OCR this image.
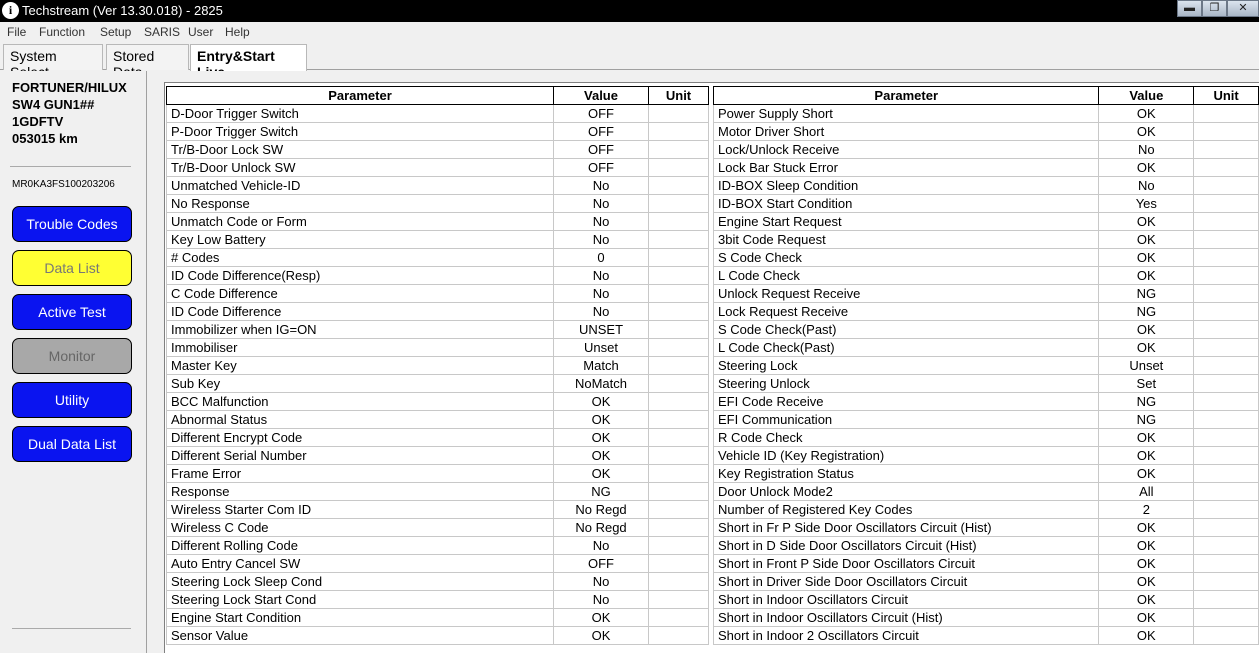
i Techstream (Ver 13.30.018) - 2825	▬	❐	✕
File Function Setup SARIS User Help
System	Stored	Entry&Start
FORTUNER/HILUX
SW4 GUN1##
1GDFTV
053015 km
MR0KA3FS100203206
Trouble Codes
Data List
Active Test
Monitor
Utility
Dual Data List
Parameter	Value	Unit
D-Door Trigger Switch	OFF	
P-Door Trigger Switch	OFF	
Tr/B-Door Lock SW	OFF	
Tr/B-Door Unlock SW	OFF	
Unmatched Vehicle-ID	No	
No Response	No	
Unmatch Code or Form	No	
Key Low Battery	No	
# Codes	0	
ID Code Difference(Resp)	No	
C Code Difference	No	
ID Code Difference	No	
Immobilizer when IG=ON	UNSET	
Immobiliser	Unset	
Master Key	Match	
Sub Key	NoMatch	
BCC Malfunction	OK	
Abnormal Status	OK	
Different Encrypt Code	OK	
Different Serial Number	OK	
Frame Error	OK	
Response	NG	
Wireless Starter Com ID	No Regd	
Wireless C Code	No Regd	
Different Rolling Code	No	
Auto Entry Cancel SW	OFF	
Steering Lock Sleep Cond	No	
Steering Lock Start Cond	No	
Engine Start Condition	OK	
Sensor Value	OK	
Parameter	Value	Unit
Power Supply Short	OK	
Motor Driver Short	OK	
Lock/Unlock Receive	No	
Lock Bar Stuck Error	OK	
ID-BOX Sleep Condition	No	
ID-BOX Start Condition	Yes	
Engine Start Request	OK	
3bit Code Request	OK	
S Code Check	OK	
L Code Check	OK	
Unlock Request Receive	NG	
Lock Request Receive	NG	
S Code Check(Past)	OK	
L Code Check(Past)	OK	
Steering Lock	Unset	
Steering Unlock	Set	
EFI Code Receive	NG	
EFI Communication	NG	
R Code Check	OK	
Vehicle ID (Key Registration)	OK	
Key Registration Status	OK	
Door Unlock Mode2	All	
Number of Registered Key Codes	2	
Short in Fr P Side Door Oscillators Circuit (Hist)	OK	
Short in D Side Door Oscillators Circuit (Hist)	OK	
Short in Front P Side Door Oscillators Circuit	OK	
Short in Driver Side Door Oscillators Circuit	OK	
Short in Indoor Oscillators Circuit	OK	
Short in Indoor Oscillators Circuit (Hist)	OK	
Short in Indoor 2 Oscillators Circuit	OK	
